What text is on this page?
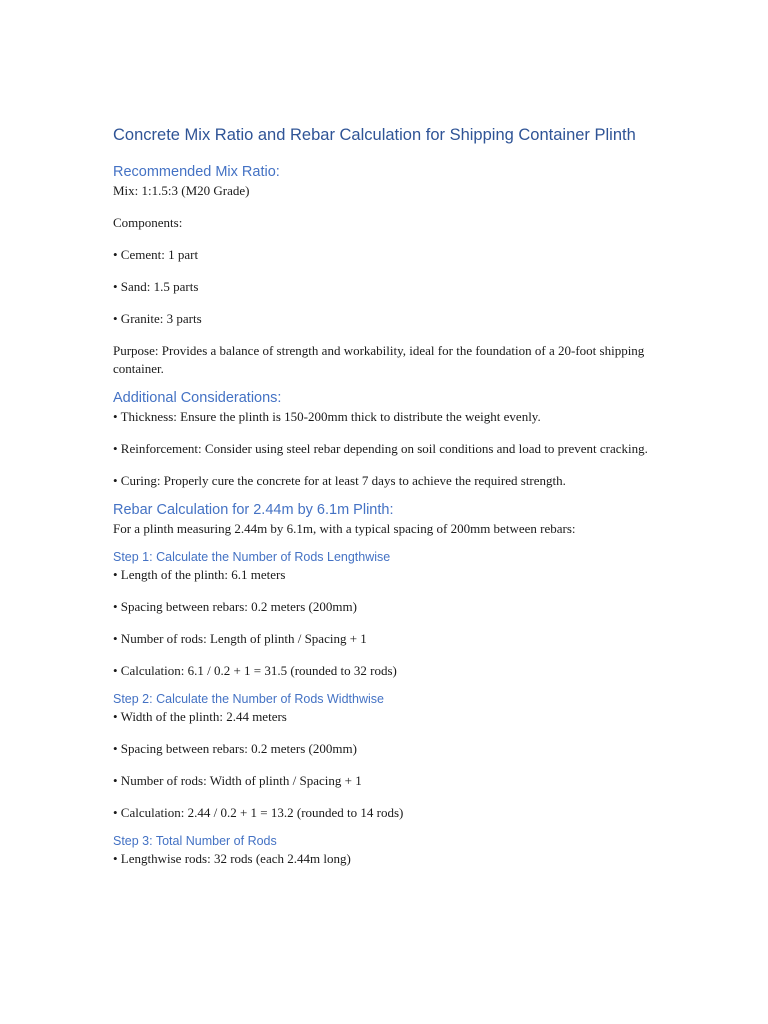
Concrete Mix Ratio and Rebar Calculation for Shipping Container Plinth
Recommended Mix Ratio:
Mix: 1:1.5:3 (M20 Grade)
Components:
• Cement: 1 part
• Sand: 1.5 parts
• Granite: 3 parts
Purpose: Provides a balance of strength and workability, ideal for the foundation of a 20-foot shipping container.
Additional Considerations:
• Thickness: Ensure the plinth is 150-200mm thick to distribute the weight evenly.
• Reinforcement: Consider using steel rebar depending on soil conditions and load to prevent cracking.
• Curing: Properly cure the concrete for at least 7 days to achieve the required strength.
Rebar Calculation for 2.44m by 6.1m Plinth:
For a plinth measuring 2.44m by 6.1m, with a typical spacing of 200mm between rebars:
Step 1: Calculate the Number of Rods Lengthwise
• Length of the plinth: 6.1 meters
• Spacing between rebars: 0.2 meters (200mm)
• Number of rods: Length of plinth / Spacing + 1
• Calculation: 6.1 / 0.2 + 1 = 31.5 (rounded to 32 rods)
Step 2: Calculate the Number of Rods Widthwise
• Width of the plinth: 2.44 meters
• Spacing between rebars: 0.2 meters (200mm)
• Number of rods: Width of plinth / Spacing + 1
• Calculation: 2.44 / 0.2 + 1 = 13.2 (rounded to 14 rods)
Step 3: Total Number of Rods
• Lengthwise rods: 32 rods (each 2.44m long)
